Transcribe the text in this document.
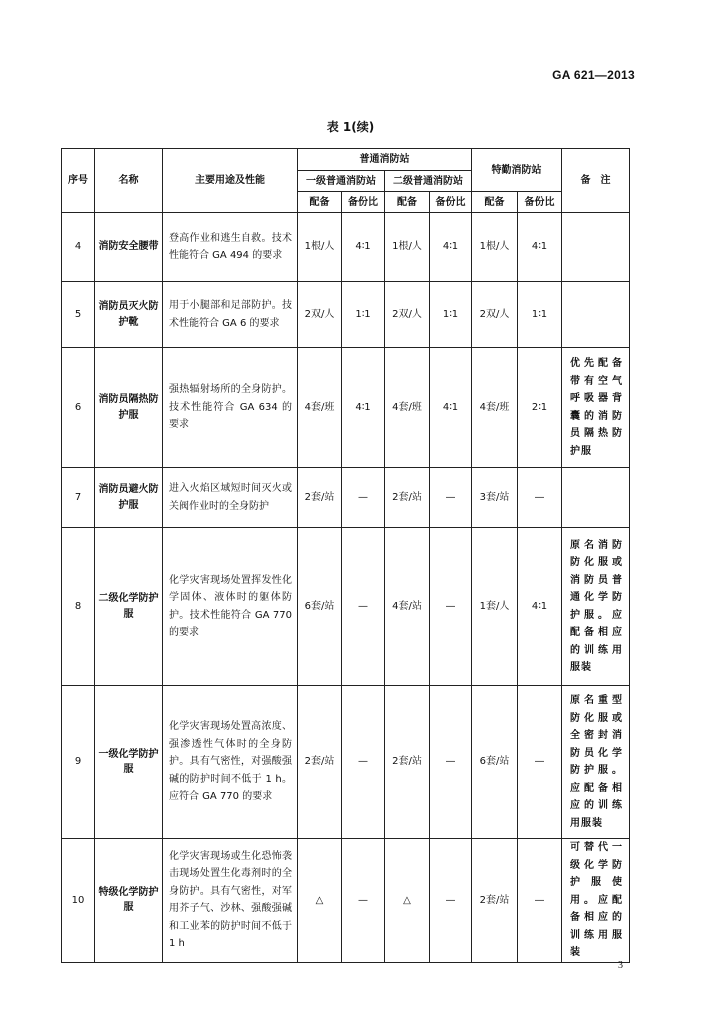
GA 621—2013
表 1(续)
序号	名称	主要用途及性能	普通消防站				特勤消防站		备　注
			一级普通消防站		二级普通消防站				
			配备	备份比	配备	备份比	配备	备份比	
4	消防安全腰带	登高作业和逃生自救。技术性能符合 GA 494 的要求	1根/人	4∶1	1根/人	4∶1	1根/人	4∶1	
5	消防员灭火防护靴	用于小腿部和足部防护。技术性能符合 GA 6 的要求	2双/人	1∶1	2双/人	1∶1	2双/人	1∶1	
6	消防员隔热防护服	强热辐射场所的全身防护。技术性能符合 GA 634 的要求	4套/班	4∶1	4套/班	4∶1	4套/班	2∶1	优先配备带有空气呼吸器背囊的消防员隔热防护服
7	消防员避火防护服	进入火焰区域短时间灭火或关阀作业时的全身防护	2套/站	—	2套/站	—	3套/站	—	
8	二级化学防护服	化学灾害现场处置挥发性化学固体、液体时的躯体防护。技术性能符合 GA 770 的要求	6套/站	—	4套/站	—	1套/人	4∶1	原名消防防化服或消防员普通化学防护服。应配备相应的训练用服装
9	一级化学防护服	化学灾害现场处置高浓度、强渗透性气体时的全身防护。具有气密性，对强酸强碱的防护时间不低于 1 h。应符合 GA 770 的要求	2套/站	—	2套/站	—	6套/站	—	原名重型防化服或全密封消防员化学防护服。应配备相应的训练用服装
10	特级化学防护服	化学灾害现场或生化恐怖袭击现场处置生化毒剂时的全身防护。具有气密性，对军用芥子气、沙林、强酸强碱和工业苯的防护时间不低于 1 h	△	—	△	—	2套/站	—	可替代一级化学防护服使用。应配备相应的训练用服装
3
